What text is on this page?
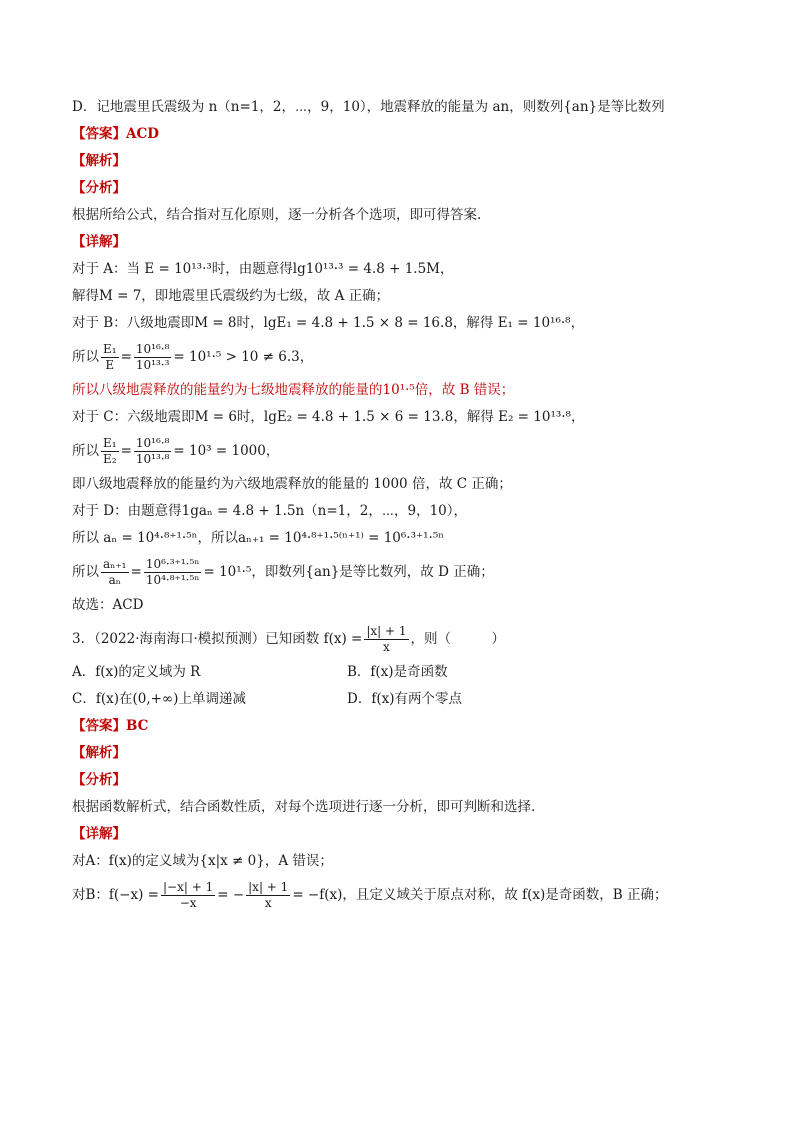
D．记地震里氏震级为 n（n=1，2，⋯，9，10），地震释放的能量为 an，则数列{an}是等比数列
【答案】ACD
【解析】
【分析】
根据所给公式，结合指对互化原则，逐一分析各个选项，即可得答案.
【详解】
对于 A：当 E = 10¹³·³时，由题意得lg10¹³·³ = 4.8 + 1.5M，
解得M = 7，即地震里氏震级约为七级，故 A 正确；
对于 B：八级地震即M = 8时，lgE₁ = 4.8 + 1.5 × 8 = 16.8，解得 E₁ = 10¹⁶·⁸，
所以 $\frac{\text{E₁}}{E} = \frac{\text{10¹⁶·⁸}}{\text{10¹³·³}} = 10^1\cdot^5 > 10 \ne 6.3$，
所以八级地震释放的能量约为七级地震释放的能量的10¹·⁵倍，故 B 错误；
对于 C：六级地震即M = 6时，lgE₂ = 4.8 + 1.5 × 6 = 13.8，解得 E₂ = 10¹³·⁸，
所以 $\frac{\text{E₁}}{\text{E₂}} = \frac{\text{10¹⁶·⁸}}{\text{10¹³·⁸}} = 10^3 = 1000$，
即八级地震释放的能量约为六级地震释放的能量的 1000 倍，故 C 正确；
对于 D：由题意得1gaₙ = 4.8 + 1.5n（n=1，2，⋯，9，10），
所以 aₙ = 10⁴·⁸⁺¹·⁵ⁿ，所以aₙ₊₁ = 10⁴·⁸⁺¹·⁵⁽ⁿ⁺¹⁾ = 10⁶·³⁺¹·⁵ⁿ
所以 $\frac{\text{aₙ₊₁}}{\text{aₙ}} = \frac{\text{10⁶·³⁺¹·⁵ⁿ}}{\text{10⁴·⁸⁺¹·⁵ⁿ}} = 10^1\cdot^5$，即数列{an}是等比数列，故 D 正确；
故选：ACD
3．（2022·海南海口·模拟预测）已知函数 $f(x) = \frac{|x| + 1}{x}$ ，则（　　　）
A．f(x)的定义域为 R	B．f(x)是奇函数
C．f(x)在(0,+∞)上单调递减	D．f(x)有两个零点
【答案】BC
【解析】
【分析】
根据函数解析式，结合函数性质，对每个选项进行逐一分析，即可判断和选择.
【详解】
对A：f(x)的定义域为{x|x ≠ 0}，A 错误；
对B：$f(-x) = \frac{|-x| + 1}{-x}$ = − $\frac{|x| + 1}{x} = -f(x)$，且定义域关于原点对称，故 f(x)是奇函数，B 正确；
